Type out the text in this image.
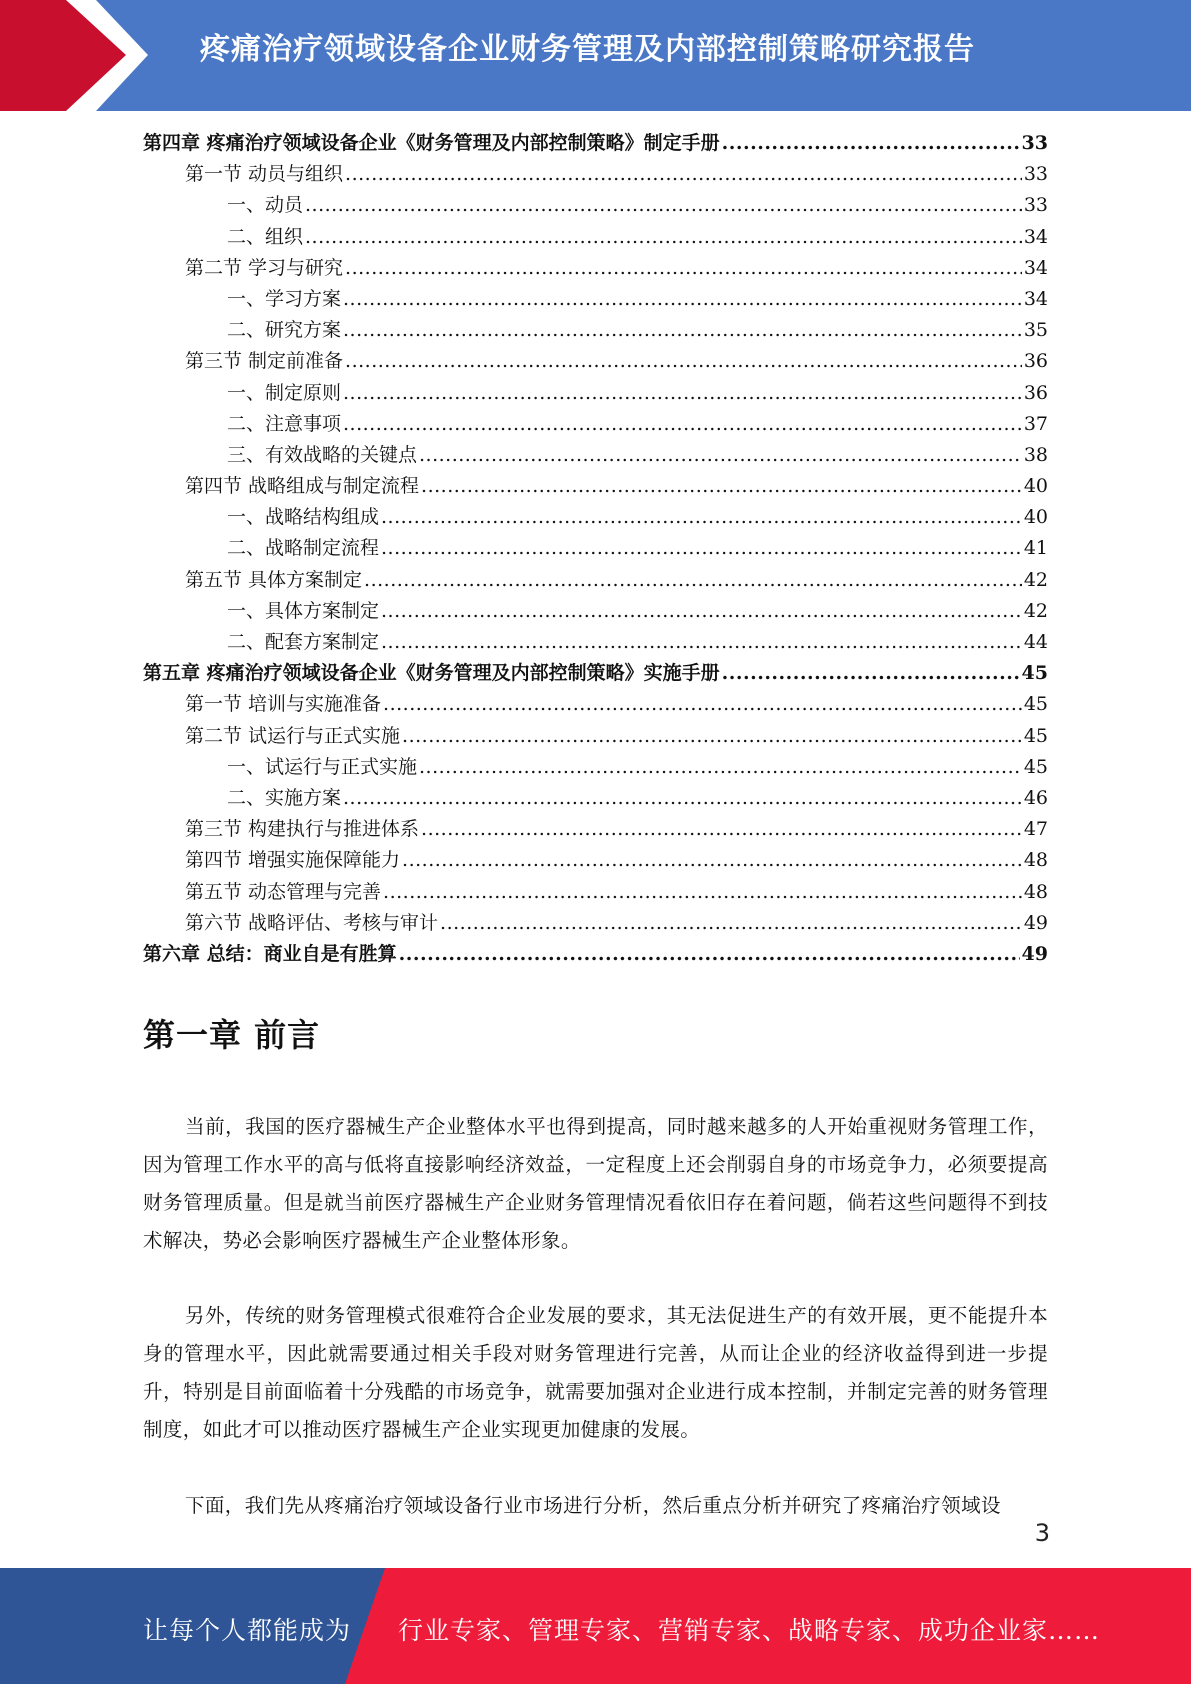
疼痛治疗领域设备企业财务管理及内部控制策略研究报告
第四章 疼痛治疗领域设备企业《财务管理及内部控制策略》制定手册 .....	33
第一节 动员与组织 .....	33
一、动员 .....	33
二、组织 .....	34
第二节 学习与研究 .....	34
一、学习方案 .....	34
二、研究方案 .....	35
第三节 制定前准备 .....	36
一、制定原则 .....	36
二、注意事项 .....	37
三、有效战略的关键点 .....	38
第四节 战略组成与制定流程 .....	40
一、战略结构组成 .....	40
二、战略制定流程 .....	41
第五节 具体方案制定 .....	42
一、具体方案制定 .....	42
二、配套方案制定 .....	44
第五章 疼痛治疗领域设备企业《财务管理及内部控制策略》实施手册 .....	45
第一节 培训与实施准备 .....	45
第二节 试运行与正式实施 .....	45
一、试运行与正式实施 .....	45
二、实施方案 .....	46
第三节 构建执行与推进体系 .....	47
第四节 增强实施保障能力 .....	48
第五节 动态管理与完善 .....	48
第六节 战略评估、考核与审计 .....	49
第六章 总结：商业自是有胜算 .....	49
第一章 前言
当前，我国的医疗器械生产企业整体水平也得到提高，同时越来越多的人开始重视财务管理工作，因为管理工作水平的高与低将直接影响经济效益，一定程度上还会削弱自身的市场竞争力，必须要提高财务管理质量。但是就当前医疗器械生产企业财务管理情况看依旧存在着问题，倘若这些问题得不到技术解决，势必会影响医疗器械生产企业整体形象。
另外，传统的财务管理模式很难符合企业发展的要求，其无法促进生产的有效开展，更不能提升本身的管理水平，因此就需要通过相关手段对财务管理进行完善，从而让企业的经济收益得到进一步提升，特别是目前面临着十分残酷的市场竞争，就需要加强对企业进行成本控制，并制定完善的财务管理制度，如此才可以推动医疗器械生产企业实现更加健康的发展。
下面，我们先从疼痛治疗领域设备行业市场进行分析，然后重点分析并研究了疼痛治疗领域设
3
让每个人都能成为 行业专家、管理专家、营销专家、战略专家、成功企业家……
